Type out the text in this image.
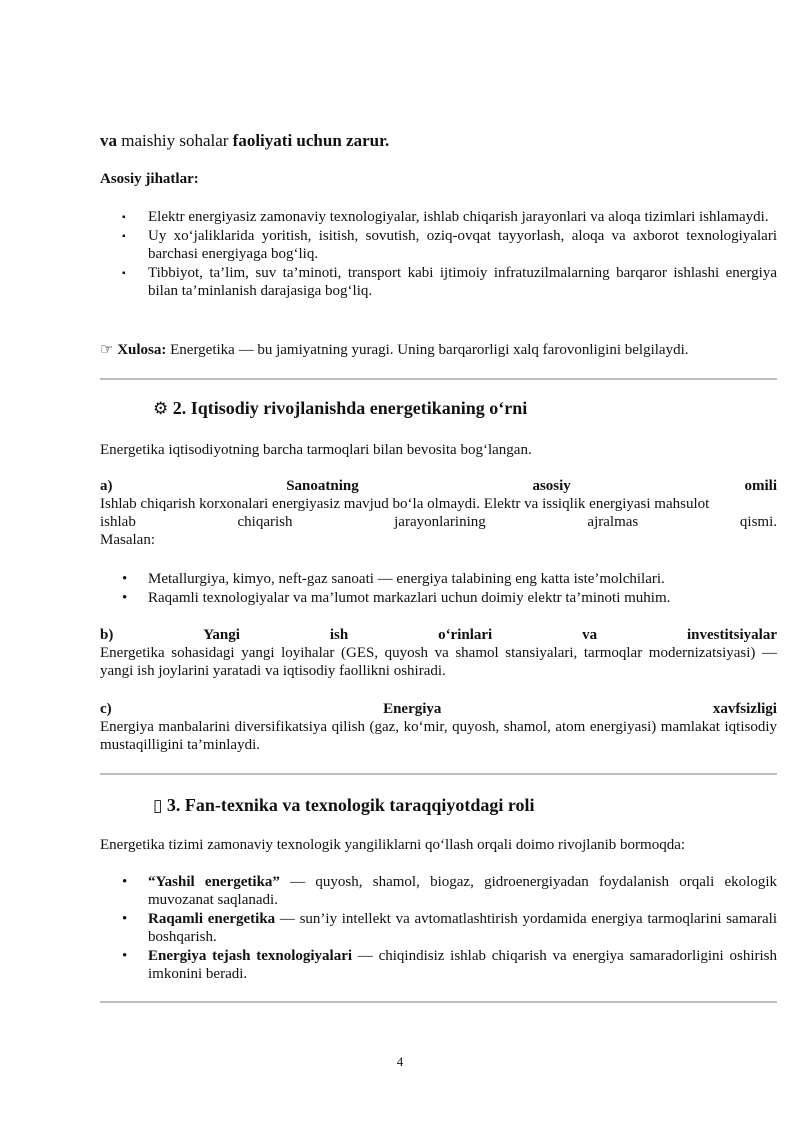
va maishiy sohalar faoliyati uchun zarur.
Asosiy jihatlar:
▪ Elektr energiyasiz zamonaviy texnologiyalar, ishlab chiqarish jarayonlari va aloqa tizimlari ishlamaydi.
▪ Uy xo‘jaliklarida yoritish, isitish, sovutish, oziq-ovqat tayyorlash, aloqa va axborot texnologiyalari barchasi energiyaga bog‘liq.
▪ Tibbiyot, ta’lim, suv ta’minoti, transport kabi ijtimoiy infratuzilmalarning barqaror ishlashi energiya bilan ta’minlanish darajasiga bog‘liq.
☞ Xulosa: Energetika — bu jamiyatning yuragi. Uning barqarorligi xalq farovonligini belgilaydi.
⚙ 2. Iqtisodiy rivojlanishda energetikaning o‘rni
Energetika iqtisodiyotning barcha tarmoqlari bilan bevosita bog‘langan.
a)	Sanoatning	asosiy	omili
Ishlab chiqarish korxonalari energiyasiz mavjud bo‘la olmaydi. Elektr va issiqlik energiyasi mahsulot
ishlab chiqarish jarayonlarining ajralmas qismi.
Masalan:
• Metallurgiya, kimyo, neft-gaz sanoati — energiya talabining eng katta iste’molchilari.
• Raqamli texnologiyalar va ma’lumot markazlari uchun doimiy elektr ta’minoti muhim.
b)	Yangi	ish	o‘rinlari	va	investitsiyalar
Energetika sohasidagi yangi loyihalar (GES, quyosh va shamol stansiyalari, tarmoqlar modernizatsiyasi) — yangi ish joylarini yaratadi va iqtisodiy faollikni oshiradi.
c)	Energiya	xavfsizligi
Energiya manbalarini diversifikatsiya qilish (gaz, ko‘mir, quyosh, shamol, atom energiyasi) mamlakat iqtisodiy mustaqilligini ta’minlaydi.
▯ 3. Fan-texnika va texnologik taraqqiyotdagi roli
Energetika tizimi zamonaviy texnologik yangiliklarni qo‘llash orqali doimo rivojlanib bormoqda:
• “Yashil energetika” — quyosh, shamol, biogaz, gidroenergiyadan foydalanish orqali ekologik muvozanat saqlanadi.
• Raqamli energetika — sun’iy intellekt va avtomatlashtirish yordamida energiya tarmoqlarini samarali boshqarish.
• Energiya tejash texnologiyalari — chiqindisiz ishlab chiqarish va energiya samaradorligini oshirish imkonini beradi.
4
